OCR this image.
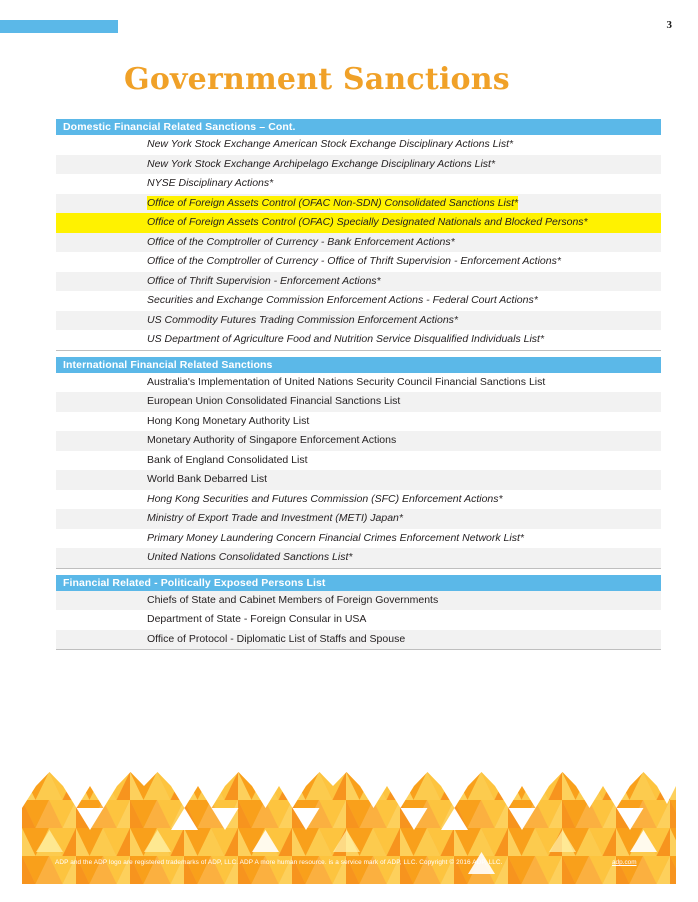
3
Government Sanctions
Domestic Financial Related Sanctions – Cont.
New York Stock Exchange American Stock Exchange Disciplinary Actions List*
New York Stock Exchange Archipelago Exchange Disciplinary Actions List*
NYSE Disciplinary Actions*
Office of Foreign Assets Control (OFAC Non-SDN) Consolidated Sanctions List*
Office of Foreign Assets Control (OFAC) Specially Designated Nationals and Blocked Persons*
Office of the Comptroller of Currency - Bank Enforcement Actions*
Office of the Comptroller of Currency - Office of Thrift Supervision - Enforcement Actions*
Office of Thrift Supervision - Enforcement Actions*
Securities and Exchange Commission Enforcement Actions - Federal Court Actions*
US Commodity Futures Trading Commission Enforcement Actions*
US Department of Agriculture Food and Nutrition Service Disqualified Individuals List*
International Financial Related Sanctions
Australia's Implementation of United Nations Security Council Financial Sanctions List
European Union Consolidated Financial Sanctions List
Hong Kong Monetary Authority List
Monetary Authority of Singapore Enforcement Actions
Bank of England Consolidated List
World Bank Debarred List
Hong Kong Securities and Futures Commission (SFC) Enforcement Actions*
Ministry of Export Trade and Investment (METI) Japan*
Primary Money Laundering Concern Financial Crimes Enforcement Network List*
United Nations Consolidated Sanctions List*
Financial Related - Politically Exposed Persons List
Chiefs of State and Cabinet Members of Foreign Governments
Department of State - Foreign Consular in USA
Office of Protocol - Diplomatic List of Staffs and Spouse
ADP and the ADP logo are registered trademarks of ADP, LLC. ADP A more human resource. is a service mark of ADP, LLC. Copyright © 2016 ADP, LLC.	adp.com
